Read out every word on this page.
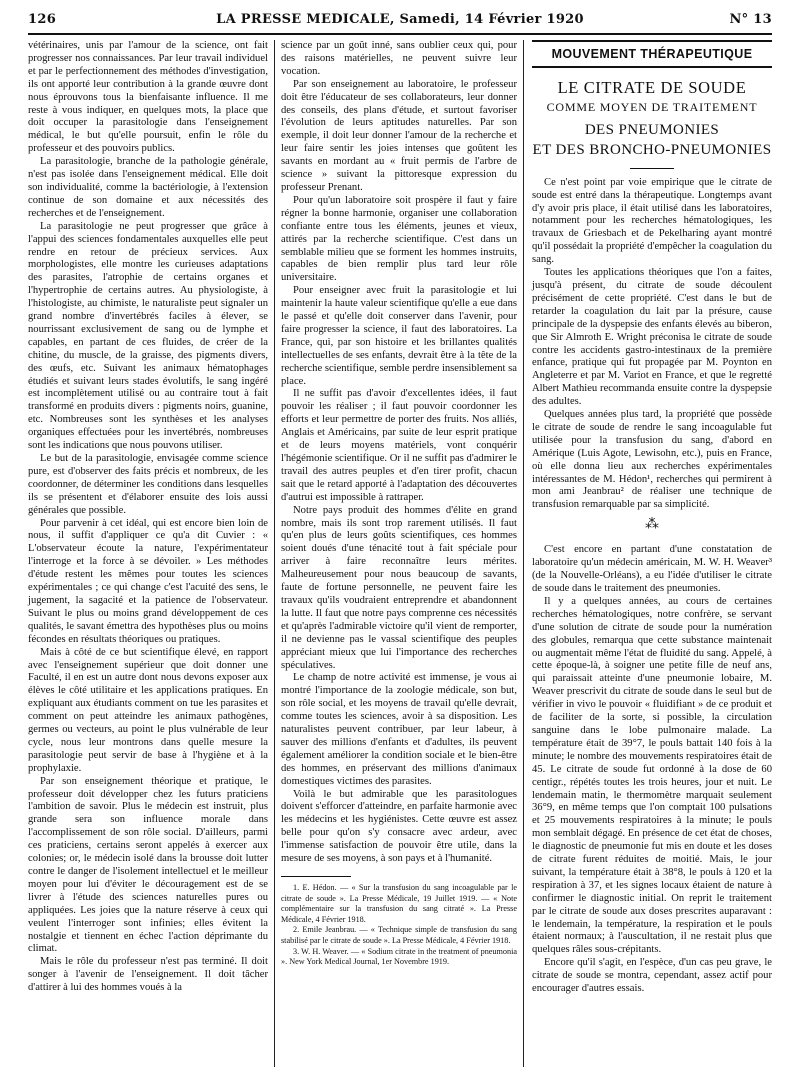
126	LA PRESSE MEDICALE, Samedi, 14 Février 1920	N° 13

vétérinaires, unis par l'amour de la science, ont fait progresser nos connaissances. Par leur travail individuel et par le perfectionnement des méthodes d'investigation, ils ont apporté leur contribution à la grande œuvre dont nous éprouvons tous la bienfaisante influence. Il me reste à vous indiquer, en quelques mots, la place que doit occuper la parasitologie dans l'enseignement médical, le but qu'elle poursuit, enfin le rôle du professeur et des pouvoirs publics.

La parasitologie, branche de la pathologie générale, n'est pas isolée dans l'enseignement médical. Elle doit son individualité, comme la bactériologie, à l'extension continue de son domaine et aux nécessités des recherches et de l'enseignement.

La parasitologie ne peut progresser que grâce à l'appui des sciences fondamentales auxquelles elle peut rendre en retour de précieux services. Aux morphologistes, elle montre les curieuses adaptations des parasites, l'atrophie de certains organes et l'hypertrophie de certains autres. Au physiologiste, à l'histologiste, au chimiste, le naturaliste peut signaler un grand nombre d'invertébrés faciles à élever, se nourrissant exclusivement de sang ou de lymphe et capables, en partant de ces fluides, de créer de la chitine, du muscle, de la graisse, des pigments divers, des œufs, etc. Suivant les animaux hématophages étudiés et suivant leurs stades évolutifs, le sang ingéré est incomplètement utilisé ou au contraire tout à fait transformé en produits divers : pigments noirs, guanine, etc. Nombreuses sont les synthèses et les analyses organiques effectuées pour les invertébrés, nombreuses sont les indications que nous pouvons utiliser.

Le but de la parasitologie, envisagée comme science pure, est d'observer des faits précis et nombreux, de les coordonner, de déterminer les conditions dans lesquelles ils se présentent et d'élaborer ensuite des lois aussi générales que possible.

Pour parvenir à cet idéal, qui est encore bien loin de nous, il suffit d'appliquer ce qu'a dit Cuvier : « L'observateur écoute la nature, l'expérimentateur l'interroge et la force à se dévoiler. » Les méthodes d'étude restent les mêmes pour toutes les sciences expérimentales ; ce qui change c'est l'acuité des sens, le jugement, la sagacité et la patience de l'observateur. Suivant le plus ou moins grand développement de ces qualités, le savant émettra des hypothèses plus ou moins fécondes en résultats théoriques ou pratiques.

Mais à côté de ce but scientifique élevé, en rapport avec l'enseignement supérieur que doit donner une Faculté, il en est un autre dont nous devons exposer aux élèves le côté utilitaire et les applications pratiques. En expliquant aux étudiants comment on tue les parasites et comment on peut atteindre les animaux pathogènes, germes ou vecteurs, au point le plus vulnérable de leur cycle, nous leur montrons dans quelle mesure la parasitologie peut servir de base à l'hygiène et à la prophylaxie.

Par son enseignement théorique et pratique, le professeur doit développer chez les futurs praticiens l'ambition de savoir. Plus le médecin est instruit, plus grande sera son influence morale dans l'accomplissement de son rôle social. D'ailleurs, parmi ces praticiens, certains seront appelés à exercer aux colonies; or, le médecin isolé dans la brousse doit lutter contre le danger de l'isolement intellectuel et le meilleur moyen pour lui d'éviter le découragement est de se livrer à l'étude des sciences naturelles pures ou appliquées. Les joies que la nature réserve à ceux qui veulent l'interroger sont infinies; elles évitent la nostalgie et tiennent en échec l'action déprimante du climat.

Mais le rôle du professeur n'est pas terminé. Il doit songer à l'avenir de l'enseignement. Il doit tâcher d'attirer à lui des hommes voués à la

science par un goût inné, sans oublier ceux qui, pour des raisons matérielles, ne peuvent suivre leur vocation.

Par son enseignement au laboratoire, le professeur doit être l'éducateur de ses collaborateurs, leur donner des conseils, des plans d'étude, et surtout favoriser l'évolution de leurs aptitudes naturelles. Par son exemple, il doit leur donner l'amour de la recherche et leur faire sentir les joies intenses que goûtent les savants en mordant au « fruit permis de l'arbre de science » suivant la pittoresque expression du professeur Prenant.

Pour qu'un laboratoire soit prospère il faut y faire régner la bonne harmonie, organiser une collaboration confiante entre tous les éléments, jeunes et vieux, attirés par la recherche scientifique. C'est dans un semblable milieu que se forment les hommes instruits, capables de bien remplir plus tard leur rôle universitaire.

Pour enseigner avec fruit la parasitologie et lui maintenir la haute valeur scientifique qu'elle a eue dans le passé et qu'elle doit conserver dans l'avenir, pour faire progresser la science, il faut des laboratoires. La France, qui, par son histoire et les brillantes qualités intellectuelles de ses enfants, devrait être à la tête de la recherche scientifique, semble perdre insensiblement sa place.

Il ne suffit pas d'avoir d'excellentes idées, il faut pouvoir les réaliser ; il faut pouvoir coordonner les efforts et leur permettre de porter des fruits. Nos alliés, Anglais et Américains, par suite de leur esprit pratique et de leurs moyens matériels, vont conquérir l'hégémonie scientifique. Or il ne suffit pas d'admirer le travail des autres peuples et d'en tirer profit, chacun sait que le retard apporté à l'adaptation des découvertes d'autrui est impossible à rattraper.

Notre pays produit des hommes d'élite en grand nombre, mais ils sont trop rarement utilisés. Il faut qu'en plus de leurs goûts scientifiques, ces hommes soient doués d'une ténacité tout à fait spéciale pour arriver à faire reconnaître leurs mérites. Malheureusement pour nous beaucoup de savants, faute de fortune personnelle, ne peuvent faire les travaux qu'ils voudraient entreprendre et abandonnent la lutte. Il faut que notre pays comprenne ces nécessités et qu'après l'admirable victoire qu'il vient de remporter, il ne devienne pas le vassal scientifique des peuples appréciant mieux que lui l'importance des recherches spéculatives.

Le champ de notre activité est immense, je vous ai montré l'importance de la zoologie médicale, son but, son rôle social, et les moyens de travail qu'elle devrait, comme toutes les sciences, avoir à sa disposition. Les naturalistes peuvent contribuer, par leur labeur, à sauver des millions d'enfants et d'adultes, ils peuvent également améliorer la condition sociale et le bien-être des hommes, en préservant des millions d'animaux domestiques victimes des parasites.

Voilà le but admirable que les parasitologues doivent s'efforcer d'atteindre, en parfaite harmonie avec les médecins et les hygiénistes. Cette œuvre est assez belle pour qu'on s'y consacre avec ardeur, avec l'immense satisfaction de pouvoir être utile, dans la mesure de ses moyens, à son pays et à l'humanité.

1. E. Hédon. — « Sur la transfusion du sang incoagulable par le citrate de soude ». La Presse Médicale, 19 Juillet 1919. — « Note complémentaire sur la transfusion du sang citraté ». La Presse Médicale, 4 Février 1918.

2. Emile Jeanbrau. — « Technique simple de transfusion du sang stabilisé par le citrate de soude ». La Presse Médicale, 4 Février 1918.

3. W. H. Weaver. — « Sodium citrate in the treatment of pneumonia ». New York Medical Journal, 1er Novembre 1919.

MOUVEMENT THÉRAPEUTIQUE
LE CITRATE DE SOUDE
COMME MOYEN DE TRAITEMENT
DES PNEUMONIES
ET DES BRONCHO-PNEUMONIES

Ce n'est point par voie empirique que le citrate de soude est entré dans la thérapeutique. Longtemps avant d'y avoir pris place, il était utilisé dans les laboratoires, notamment pour les recherches hématologiques, les travaux de Griesbach et de Pekelharing ayant montré qu'il possédait la propriété d'empêcher la coagulation du sang.

Toutes les applications théoriques que l'on a faites, jusqu'à présent, du citrate de soude découlent précisément de cette propriété. C'est dans le but de retarder la coagulation du lait par la présure, cause principale de la dyspepsie des enfants élevés au biberon, que Sir Almroth E. Wright préconisa le citrate de soude contre les accidents gastro-intestinaux de la première enfance, pratique qui fut propagée par M. Poynton en Angleterre et par M. Variot en France, et que le regretté Albert Mathieu recommanda ensuite contre la dyspepsie des adultes.

Quelques années plus tard, la propriété que possède le citrate de soude de rendre le sang incoagulable fut utilisée pour la transfusion du sang, d'abord en Amérique (Luis Agote, Lewisohn, etc.), puis en France, où elle donna lieu aux recherches expérimentales intéressantes de M. Hédon¹, recherches qui permirent à mon ami Jeanbrau² de réaliser une technique de transfusion remarquable par sa simplicité.

⁂

C'est encore en partant d'une constatation de laboratoire qu'un médecin américain, M. W. H. Weaver³ (de la Nouvelle-Orléans), a eu l'idée d'utiliser le citrate de soude dans le traitement des pneumonies.

Il y a quelques années, au cours de certaines recherches hématologiques, notre confrère, se servant d'une solution de citrate de soude pour la numération des globules, remarqua que cette substance maintenait ou augmentait même l'état de fluidité du sang. Appelé, à cette époque-là, à soigner une petite fille de neuf ans, qui paraissait atteinte d'une pneumonie lobaire, M. Weaver prescrivit du citrate de soude dans le seul but de vérifier in vivo le pouvoir « fluidifiant » de ce produit et de faciliter de la sorte, si possible, la circulation sanguine dans le lobe pulmonaire malade. La température était de 39°7, le pouls battait 140 fois à la minute; le nombre des mouvements respiratoires était de 45. Le citrate de soude fut ordonné à la dose de 60 centigr., répétés toutes les trois heures, jour et nuit. Le lendemain matin, le thermomètre marquait seulement 36°9, en même temps que l'on comptait 100 pulsations et 25 mouvements respiratoires à la minute; le pouls mon semblait dégagé. En présence de cet état de choses, le diagnostic de pneumonie fut mis en doute et les doses de citrate furent réduites de moitié. Mais, le jour suivant, la température était à 38°8, le pouls à 120 et la respiration à 37, et les signes locaux étaient de nature à confirmer le diagnostic initial. On reprit le traitement par le citrate de soude aux doses prescrites auparavant : le lendemain, la température, la respiration et le pouls étaient normaux; à l'auscultation, il ne restait plus que quelques râles sous-crépitants.

Encore qu'il s'agit, en l'espèce, d'un cas peu grave, le citrate de soude se montra, cependant, assez actif pour encourager d'autres essais.
